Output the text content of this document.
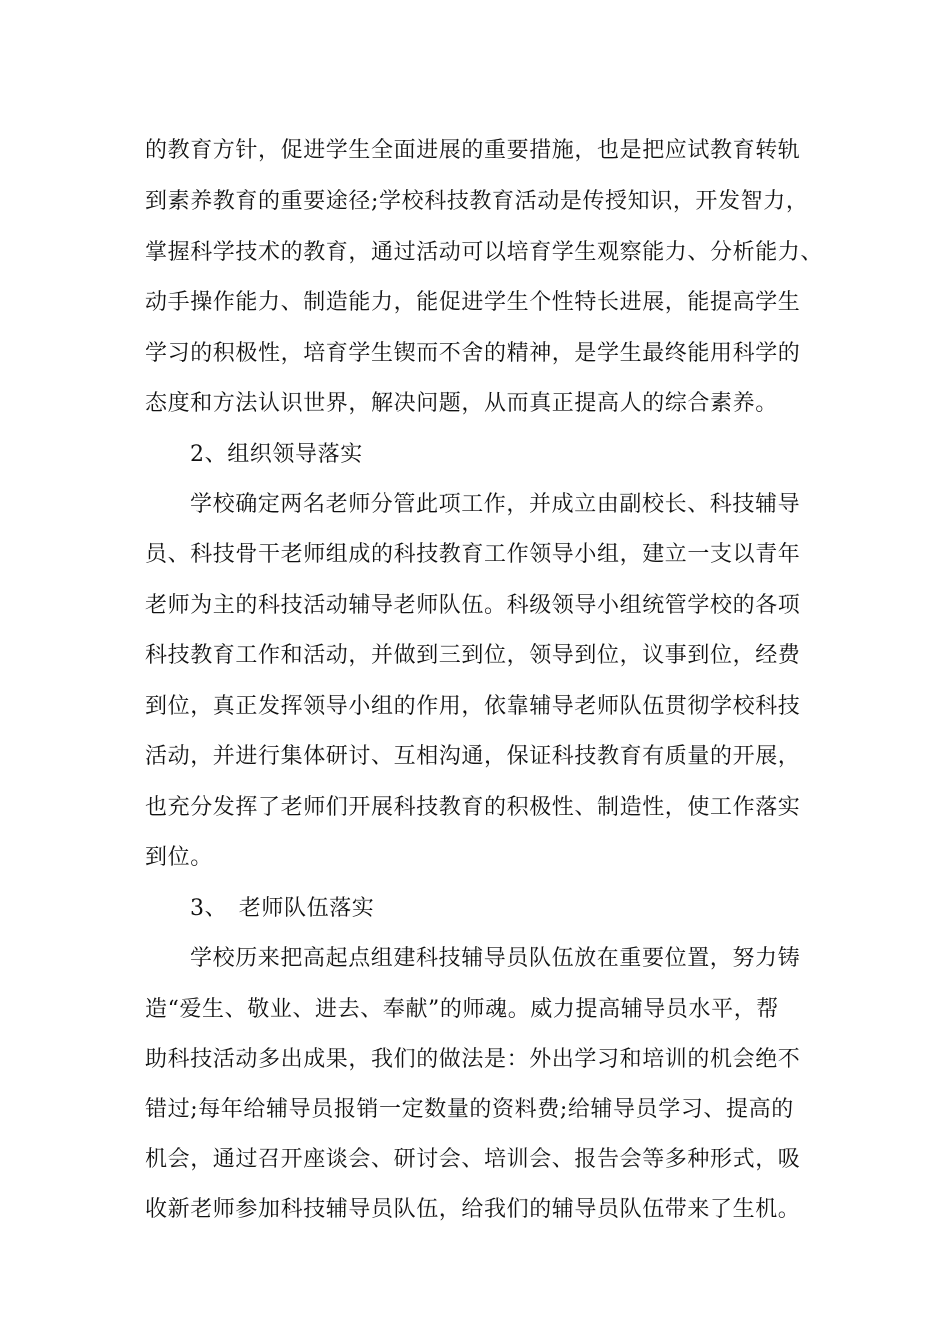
的教育方针，促进学生全面进展的重要措施，也是把应试教育转轨
到素养教育的重要途径;学校科技教育活动是传授知识，开发智力，
掌握科学技术的教育，通过活动可以培育学生观察能力、分析能力、
动手操作能力、制造能力，能促进学生个性特长进展，能提高学生
学习的积极性，培育学生锲而不舍的精神，是学生最终能用科学的
态度和方法认识世界，解决问题，从而真正提高人的综合素养。
2、组织领导落实
学校确定两名老师分管此项工作，并成立由副校长、科技辅导
员、科技骨干老师组成的科技教育工作领导小组，建立一支以青年
老师为主的科技活动辅导老师队伍。科级领导小组统管学校的各项
科技教育工作和活动，并做到三到位，领导到位，议事到位，经费
到位，真正发挥领导小组的作用，依靠辅导老师队伍贯彻学校科技
活动，并进行集体研讨、互相沟通，保证科技教育有质量的开展，
也充分发挥了老师们开展科技教育的积极性、制造性，使工作落实
到位。
3、　老师队伍落实
学校历来把高起点组建科技辅导员队伍放在重要位置，努力铸
造“爱生、敬业、进去、奉献”的师魂。威力提高辅导员水平，帮
助科技活动多出成果，我们的做法是：外出学习和培训的机会绝不
错过;每年给辅导员报销一定数量的资料费;给辅导员学习、提高的
机会，通过召开座谈会、研讨会、培训会、报告会等多种形式，吸
收新老师参加科技辅导员队伍，给我们的辅导员队伍带来了生机。
